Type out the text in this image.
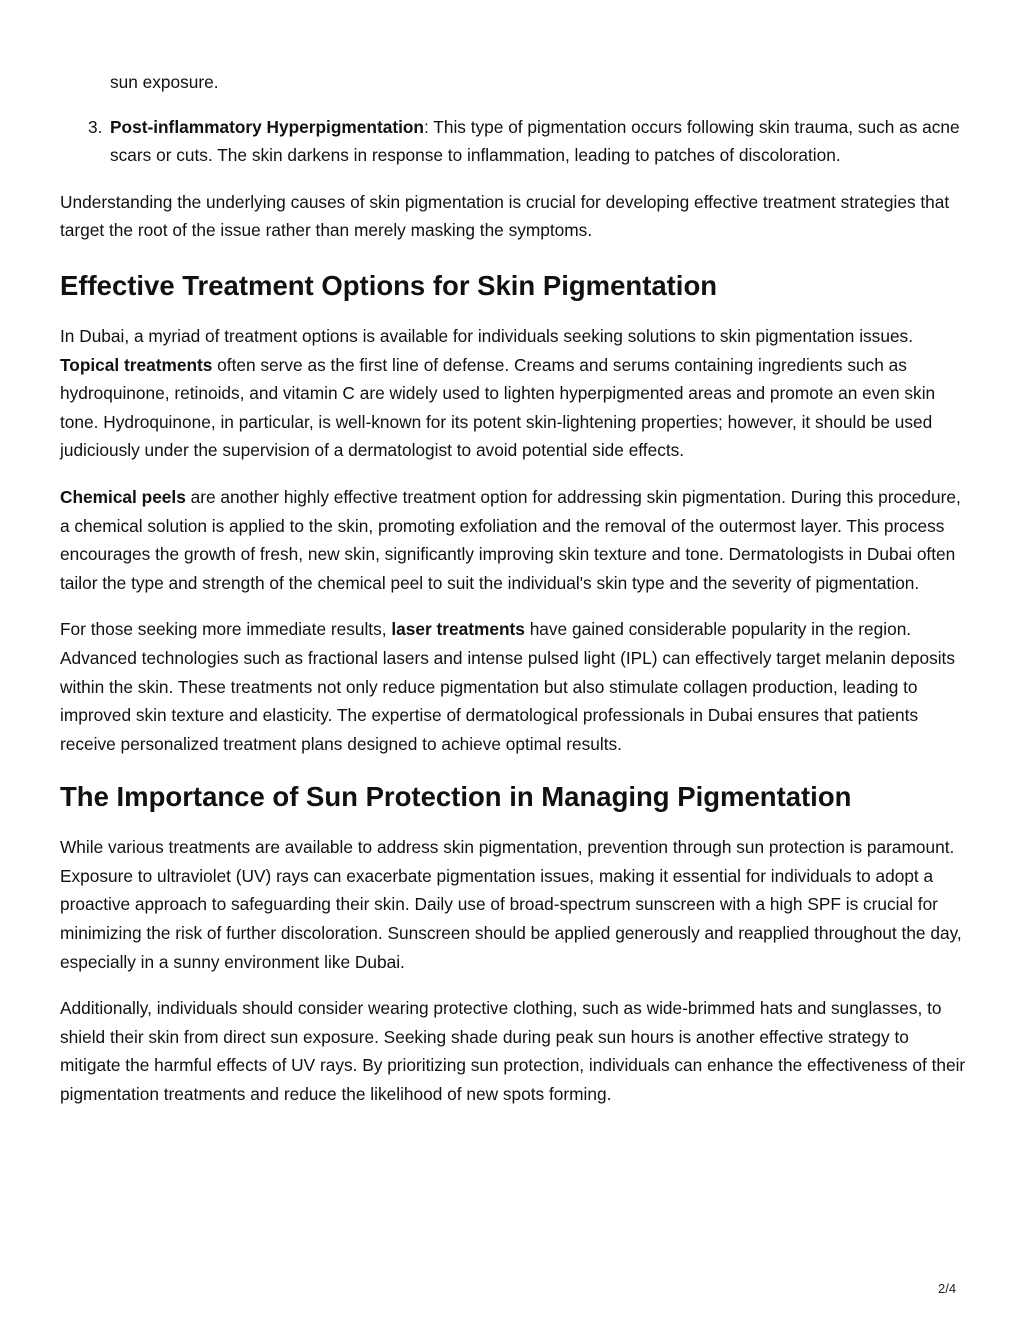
sun exposure.

3. Post-inflammatory Hyperpigmentation: This type of pigmentation occurs following skin trauma, such as acne scars or cuts. The skin darkens in response to inflammation, leading to patches of discoloration.

Understanding the underlying causes of skin pigmentation is crucial for developing effective treatment strategies that target the root of the issue rather than merely masking the symptoms.

Effective Treatment Options for Skin Pigmentation

In Dubai, a myriad of treatment options is available for individuals seeking solutions to skin pigmentation issues. Topical treatments often serve as the first line of defense. Creams and serums containing ingredients such as hydroquinone, retinoids, and vitamin C are widely used to lighten hyperpigmented areas and promote an even skin tone. Hydroquinone, in particular, is well-known for its potent skin-lightening properties; however, it should be used judiciously under the supervision of a dermatologist to avoid potential side effects.

Chemical peels are another highly effective treatment option for addressing skin pigmentation. During this procedure, a chemical solution is applied to the skin, promoting exfoliation and the removal of the outermost layer. This process encourages the growth of fresh, new skin, significantly improving skin texture and tone. Dermatologists in Dubai often tailor the type and strength of the chemical peel to suit the individual's skin type and the severity of pigmentation.

For those seeking more immediate results, laser treatments have gained considerable popularity in the region. Advanced technologies such as fractional lasers and intense pulsed light (IPL) can effectively target melanin deposits within the skin. These treatments not only reduce pigmentation but also stimulate collagen production, leading to improved skin texture and elasticity. The expertise of dermatological professionals in Dubai ensures that patients receive personalized treatment plans designed to achieve optimal results.

The Importance of Sun Protection in Managing Pigmentation

While various treatments are available to address skin pigmentation, prevention through sun protection is paramount. Exposure to ultraviolet (UV) rays can exacerbate pigmentation issues, making it essential for individuals to adopt a proactive approach to safeguarding their skin. Daily use of broad-spectrum sunscreen with a high SPF is crucial for minimizing the risk of further discoloration. Sunscreen should be applied generously and reapplied throughout the day, especially in a sunny environment like Dubai.

Additionally, individuals should consider wearing protective clothing, such as wide-brimmed hats and sunglasses, to shield their skin from direct sun exposure. Seeking shade during peak sun hours is another effective strategy to mitigate the harmful effects of UV rays. By prioritizing sun protection, individuals can enhance the effectiveness of their pigmentation treatments and reduce the likelihood of new spots forming.

2/4
